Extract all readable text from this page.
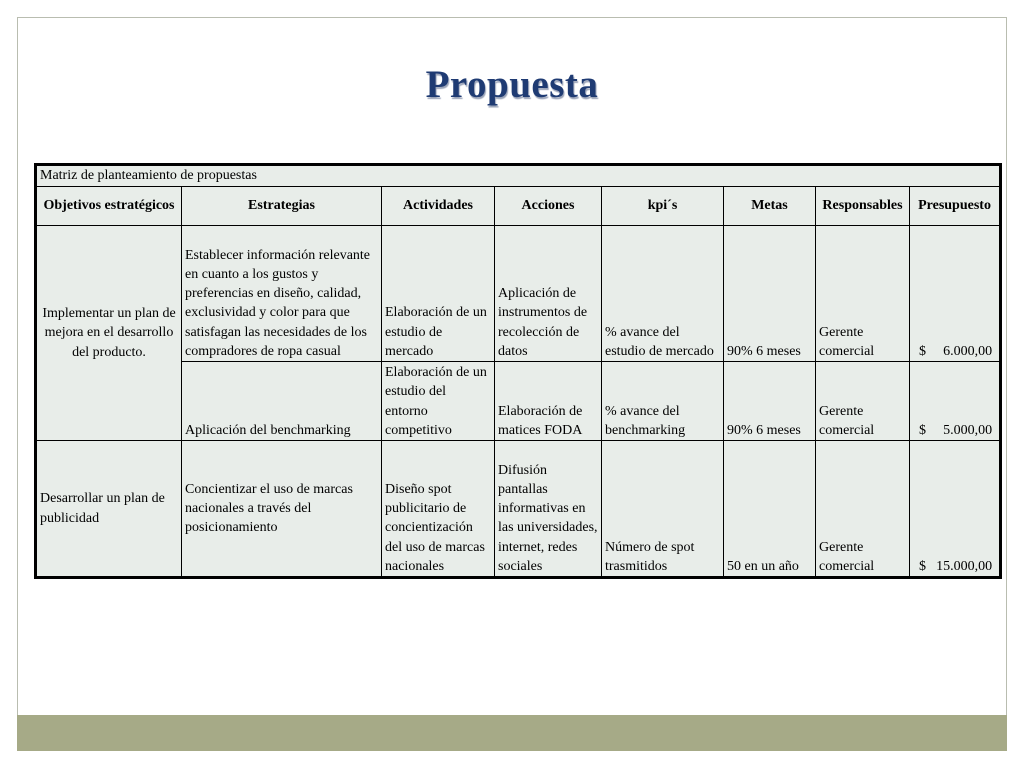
Propuesta
Matriz de planteamiento de propuestas							
Objetivos estratégicos	Estrategias	Actividades	Acciones	kpi´s	Metas	Responsables	Presupuesto
Implementar un plan de mejora en el desarrollo del producto.	Establecer información relevante en cuanto a los gustos y preferencias en diseño, calidad, exclusividad y color para que satisfagan las necesidades de los compradores de ropa casual	Elaboración de un estudio de mercado	Aplicación de instrumentos de recolección de datos	% avance del estudio de mercado	90% 6 meses	Gerente comercial	$ 6.000,00

	Aplicación del benchmarking	Elaboración de un estudio del entorno competitivo	Elaboración de matices FODA	% avance del benchmarking	90% 6 meses	Gerente comercial	$ 5.000,00

Desarrollar un plan de publicidad	Concientizar el uso de marcas nacionales a través del posicionamiento	Diseño spot publicitario de concientización del uso de marcas nacionales	Difusión pantallas informativas en las universidades, internet, redes sociales	Número de spot trasmitidos	50 en un año	Gerente comercial	$ 15.000,00
